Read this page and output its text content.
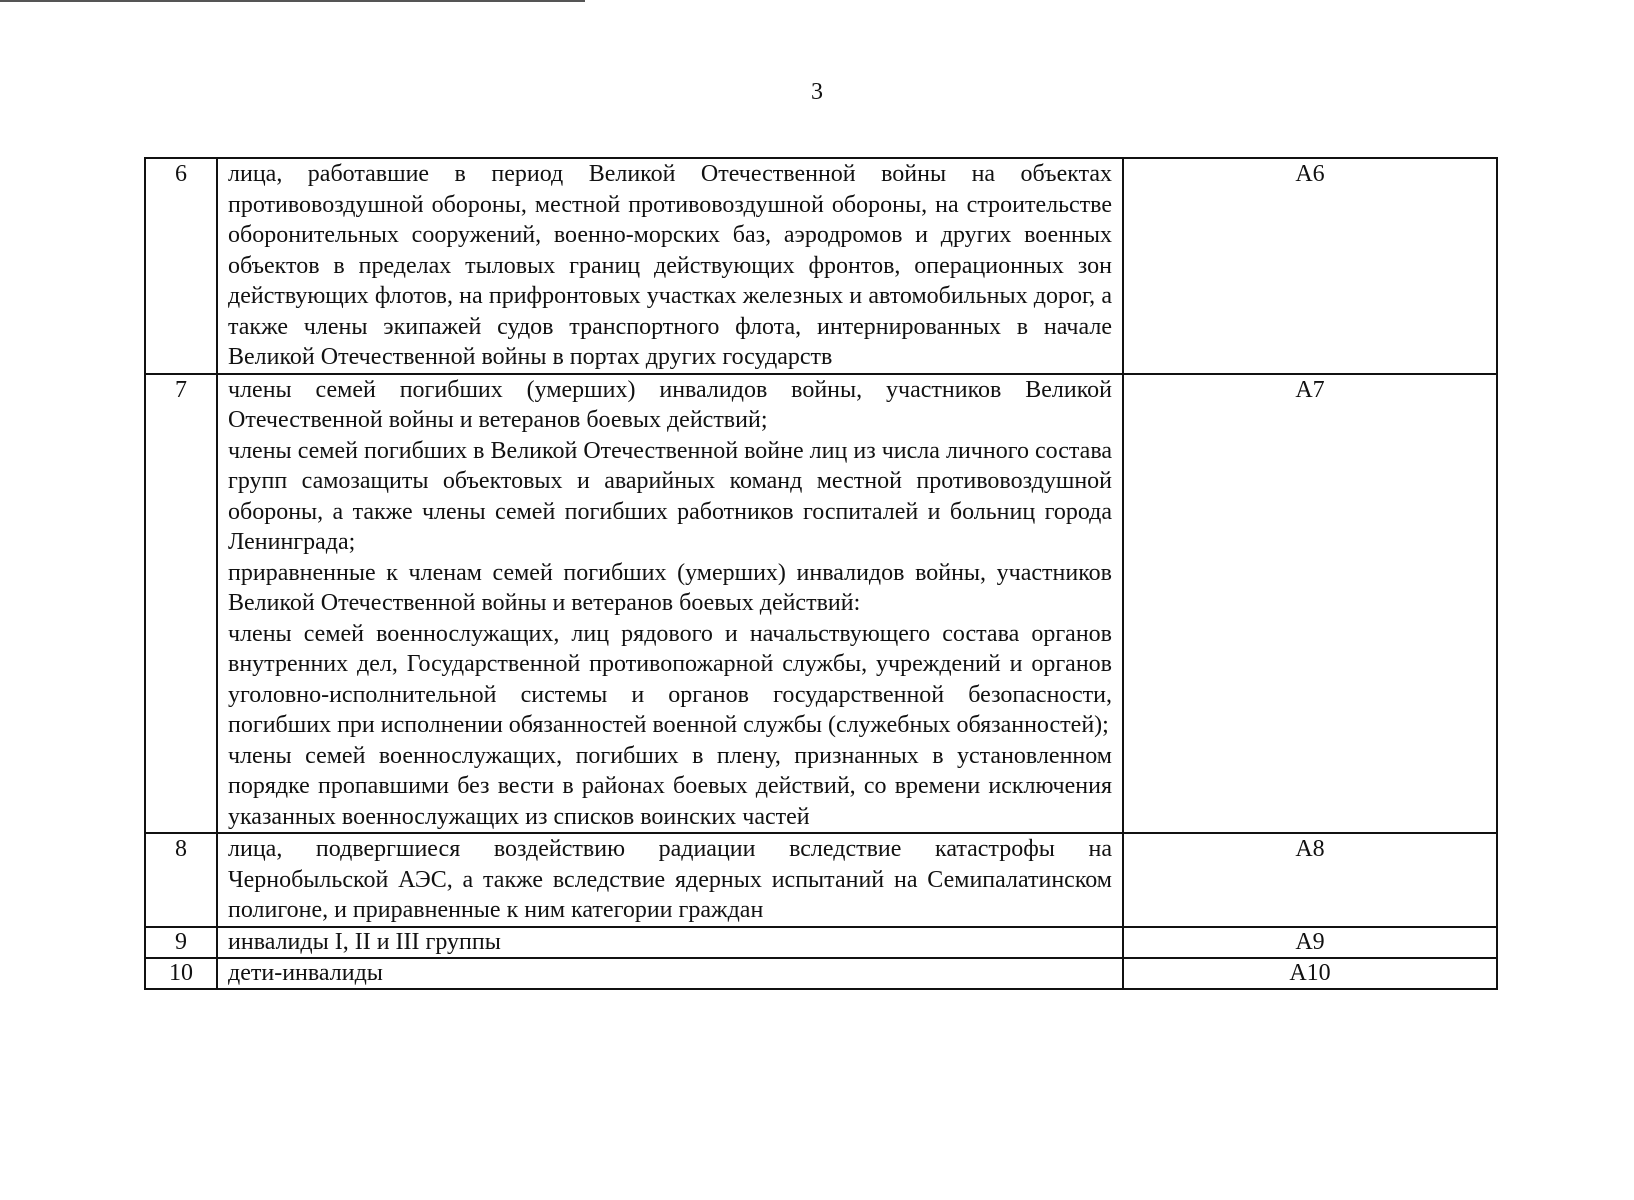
3
6	лица, работавшие в период Великой Отечественной войны на объектах противовоздушной обороны, местной противовоздушной обороны, на строительстве оборонительных сооружений, военно-морских баз, аэродромов и других военных объектов в пределах тыловых границ действующих фронтов, операционных зон действующих флотов, на прифронтовых участках железных и автомобильных дорог, а также члены экипажей судов транспортного флота, интернированных в начале Великой Отечественной войны в портах других государств	А6
7	члены семей погибших (умерших) инвалидов войны, участников Великой Отечественной войны и ветеранов боевых действий;
члены семей погибших в Великой Отечественной войне лиц из числа личного состава групп самозащиты объектовых и аварийных команд местной противовоздушной обороны, а также члены семей погибших работников госпиталей и больниц города Ленинграда;
приравненные к членам семей погибших (умерших) инвалидов войны, участников Великой Отечественной войны и ветеранов боевых действий:
члены семей военнослужащих, лиц рядового и начальствующего состава органов внутренних дел, Государственной противопожарной службы, учреждений и органов уголовно-исполнительной системы и органов государственной безопасности, погибших при исполнении обязанностей военной службы (служебных обязанностей);
члены семей военнослужащих, погибших в плену, признанных в установленном порядке пропавшими без вести в районах боевых действий, со времени исключения указанных военнослужащих из списков воинских частей	А7
8	лица, подвергшиеся воздействию радиации вследствие катастрофы на Чернобыльской АЭС, а также вследствие ядерных испытаний на Семипалатинском полигоне, и приравненные к ним категории граждан	А8
9	инвалиды I, II и III группы	А9
10	дети-инвалиды	А10
